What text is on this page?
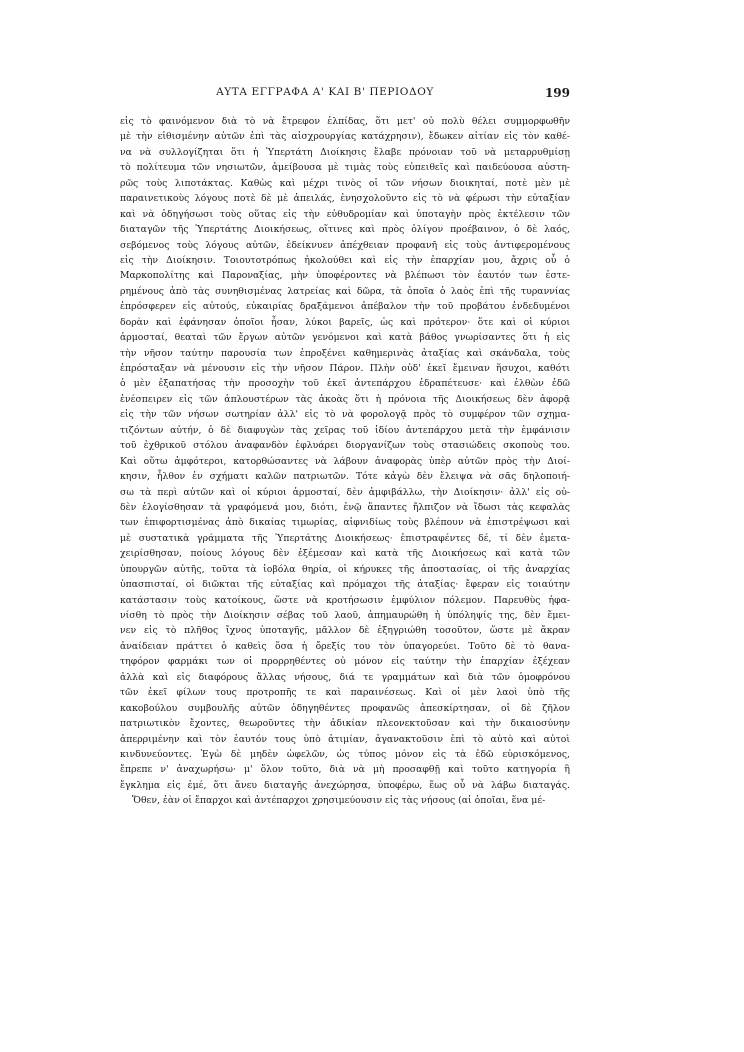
ΑΥΤΑ ΕΓΓΡΑΦΑ Α' ΚΑΙ Β' ΠΕΡΙΟΔΟΥ	199
εἰς τὸ φαινόμενον διὰ τὸ νὰ ἔτρεφον ἐλπίδας, ὅτι μετ' οὐ πολὺ θέλει συμμορφωθῆν
μὲ τὴν εἰθισμένην αὐτῶν ἐπὶ τὰς αἰσχρουργίας κατάχρησιν), ἔδωκεν αἰτίαν εἰς τὸν καθέ-
να νὰ συλλογίζηται ὅτι ἡ Ὑπερτάτη Διοίκησις ἔλαβε πρόνοιαν τοῦ νὰ μεταρρυθμίσῃ
τὸ πολίτευμα τῶν νησιωτῶν, ἀμείβουσα μὲ τιμὰς τοὺς εὐπειθεῖς καὶ παιδεύουσα αὐστη-
ρῶς τοὺς λιποτάκτας. Καθὼς καὶ μέχρι τινὸς οἱ τῶν νήσων διοικηταί, ποτὲ μὲν μὲ
παραινετικοὺς λόγους ποτὲ δὲ μὲ ἀπειλάς, ἐνησχολοῦντο εἰς τὸ νὰ φέρωσι τὴν εὐταξίαν
καὶ νὰ ὁδηγήσωσι τοὺς οὕτας εἰς τὴν εὐθυδρομίαν καὶ ὑποταγὴν πρὸς ἐκτέλεσιν τῶν
διαταγῶν τῆς Ὑπερτάτης Διοικήσεως, οἵτινες καὶ πρὸς ὀλίγον προέβαινον, ὁ δὲ λαός,
σεβόμενος τοὺς λόγους αὐτῶν, ἐδείκνυεν ἀπέχθειαν προφανῆ εἰς τοὺς ἀντιφερομένους
εἰς τὴν Διοίκησιν. Τοιουτοτρόπως ἠκολούθει καὶ εἰς τὴν ἐπαρχίαν μου, ἄχρις οὗ ὁ
Μαρκοπολίτης καὶ Παροναξίας, μὴν ὑποφέροντες νὰ βλέπωσι τὸν ἑαυτόν των ἐστε-
ρημένους ἀπὸ τὰς συνηθισμένας λατρείας καὶ δῶρα, τὰ ὁποῖα ὁ λαὸς ἐπὶ τῆς τυραννίας
ἐπρόσφερεν εἰς αὐτούς, εὐκαιρίας δραξάμενοι ἀπέβαλον τὴν τοῦ προβάτου ἐνδεδυμένοι
δορὰν καὶ ἐφάνησαν ὁποῖοι ἦσαν, λύκοι βαρεῖς, ὡς καὶ πρότερον· ὅτε καὶ οἱ κύριοι
ἁρμοσταί, θεαταὶ τῶν ἔργων αὐτῶν γενόμενοι καὶ κατὰ βάθος γνωρίσαντες ὅτι ἡ εἰς
τὴν νῆσον ταύτην παρουσία των ἐπροξένει καθημερινὰς ἀταξίας καὶ σκάνδαλα, τοὺς
ἐπρόσταξαν νὰ μένουσιν εἰς τὴν νῆσον Πάρον. Πλὴν οὐδ' ἐκεῖ ἔμειναν ἥσυχοι, καθότι
ὁ μὲν ἐξαπατήσας τὴν προσοχὴν τοῦ ἐκεῖ ἀντεπάρχου ἐδραπέτευσε· καὶ ἐλθὼν ἐδῶ
ἐνέσπειρεν εἰς τῶν ἁπλουστέρων τὰς ἀκοὰς ὅτι ἡ πρόνοια τῆς Διοικήσεως δὲν ἀφορᾷ
εἰς τὴν τῶν νήσων σωτηρίαν ἀλλ' εἰς τὸ νὰ φορολογᾷ πρὸς τὸ συμφέρον τῶν σχημα-
τιζόντων αὐτήν, ὁ δὲ διαφυγὼν τὰς χεῖρας τοῦ ἰδίου ἀντεπάρχου μετὰ τὴν ἐμφάνισιν
τοῦ ἐχθρικοῦ στόλου ἀναφανδὸν ἐφλυάρει διοργανίζων τοὺς στασιώδεις σκοποὺς του.
Καὶ οὕτω ἀμφότεροι, κατορθώσαντες νὰ λάβουν ἀναφορὰς ὑπὲρ αὐτῶν πρὸς τὴν Διοί-
κησιν, ἦλθον ἐν σχήματι καλῶν πατριωτῶν. Τότε κἀγὼ δὲν ἔλειψα νὰ σᾶς δηλοποιή-
σω τὰ περὶ αὐτῶν καὶ οἱ κύριοι ἁρμοσταί, δὲν ἀμφιβάλλω, τὴν Διοίκησιν· ἀλλ' εἰς οὐ-
δὲν ἐλογίσθησαν τὰ γραφόμενά μου, διότι, ἐνῷ ἅπαντες ἤλπιζον νὰ ἴδωσι τὰς κεφαλὰς
των ἐπιφορτισμένας ἀπὸ δικαίας τιμωρίας, αἰφνιδίως τοὺς βλέπουν νὰ ἐπιστρέψωσι καὶ
μὲ συστατικὰ γράμματα τῆς Ὑπερτάτης Διοικήσεως· ἐπιστραφέντες δέ, τί δὲν ἐμετα-
χειρίσθησαν, ποίους λόγους δὲν ἐξέμεσαν καὶ κατὰ τῆς Διοικήσεως καὶ κατὰ τῶν
ὑπουργῶν αὐτῆς, τοῦτα τὰ ἰοβόλα θηρία, οἱ κήρυκες τῆς ἀποστασίας, οἱ τῆς ἀναρχίας
ὑπασπισταί, οἱ διῶκται τῆς εὐταξίας καὶ πρόμαχοι τῆς ἀταξίας· ἔφεραν εἰς τοιαύτην
κατάστασιν τοὺς κατοίκους, ὥστε νὰ κροτήσωσιν ἐμφύλιον πόλεμον. Παρευθὺς ἠφα-
νίσθη τὸ πρὸς τὴν Διοίκησιν σέβας τοῦ λαοῦ, ἀπημαυρώθη ἡ ὑπόληψίς της, δὲν ἔμει-
νεν εἰς τὸ πλῆθος ἴχνος ὑποταγῆς, μᾶλλον δὲ ἐξηγριώθη τοσοῦτον, ὥστε μὲ ἄκραν
ἀναίδειαν πράττει ὁ καθεὶς ὅσα ἡ ὄρεξίς του τὸν ὑπαγορεύει. Τοῦτο δὲ τὸ θανα-
τηφόρον φαρμάκι των οἱ προρρηθέντες οὐ μόνον εἰς ταύτην τὴν ἐπαρχίαν ἐξέχεαν
ἀλλὰ καὶ εἰς διαφόρους ἄλλας νήσους, διά τε γραμμάτων καὶ διὰ τῶν ὁμοφρόνου
τῶν ἐκεῖ φίλων τους προτροπῆς τε καὶ παραινέσεως. Καὶ οἱ μὲν λαοὶ ὑπὸ τῆς
κακοβούλου συμβουλῆς αὐτῶν ὁδηγηθέντες προφανῶς ἀπεσκίρτησαν, οἱ δὲ ζῆλον
πατριωτικὸν ἔχοντες, θεωροῦντες τὴν ἀδικίαν πλεονεκτοῦσαν καὶ τὴν δικαιοσύνην
ἀπερριμένην καὶ τὸν ἑαυτόν τους ὑπὸ ἀτιμίαν, ἀγανακτοῦσιν ἐπὶ τὸ αὐτὸ καὶ αὐτοὶ
κινδυνεύοντες. Ἐγὼ δὲ μηδὲν ὠφελῶν, ὡς τύπος μόνον εἰς τὰ ἐδῶ εὑρισκόμενος,
ἔπρεπε ν' ἀναχωρήσω· μ' ὅλον τοῦτο, διὰ νὰ μὴ προσαφθῇ καὶ τοῦτο κατηγορία ἢ
ἔγκλημα εἰς ἐμέ, ὅτι ἄνευ διαταγῆς ἀνεχώρησα, ὑποφέρω, ἕως οὗ νὰ λάβω διαταγάς.
Ὅθεν, ἐὰν οἱ ἔπαρχοι καὶ ἀντέπαρχοι χρησιμεύουσιν εἰς τὰς νήσους (αἱ ὁποῖαι, ἕνα μέ-
